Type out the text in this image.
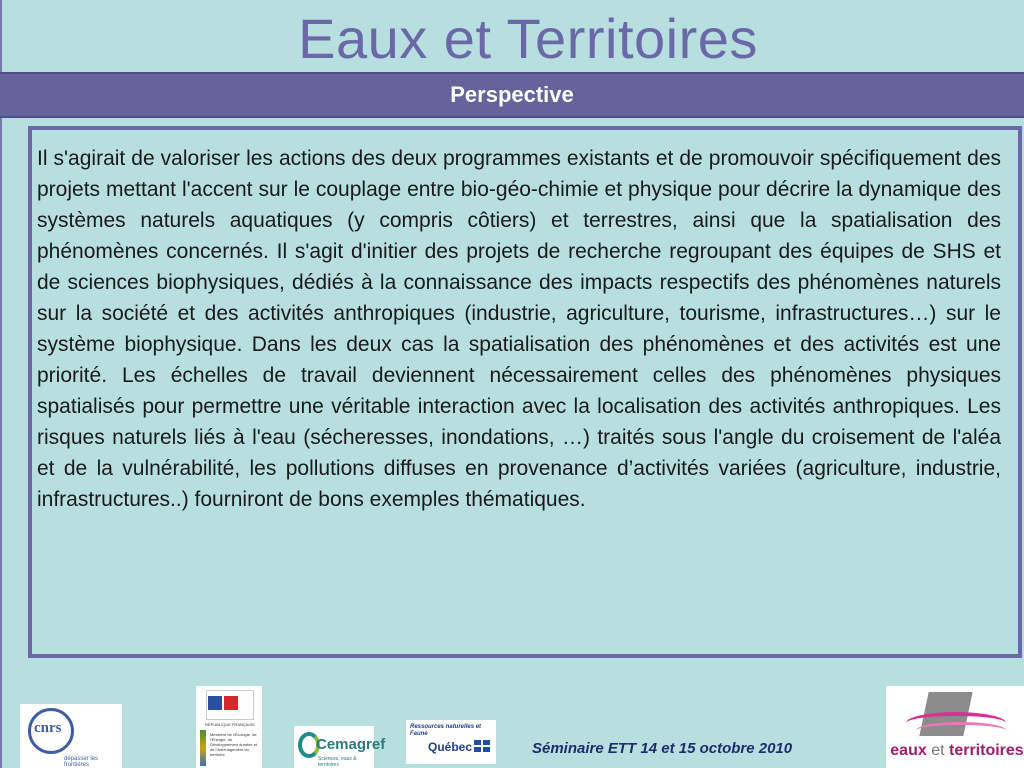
Eaux et Territoires
Perspective
Il s'agirait de valoriser les actions des deux programmes existants et de promouvoir spécifiquement des projets mettant l'accent sur le couplage entre bio-géo-chimie et physique pour décrire la dynamique des systèmes naturels aquatiques (y compris côtiers) et terrestres, ainsi que la spatialisation des phénomènes concernés. Il s'agit d'initier des projets de recherche regroupant des équipes de SHS et de sciences biophysiques, dédiés à la connaissance des impacts respectifs des phénomènes naturels sur la société et des activités anthropiques (industrie, agriculture, tourisme, infrastructures…) sur le système biophysique. Dans les deux cas la spatialisation des phénomènes et des activités est une priorité. Les échelles de travail deviennent nécessairement celles des phénomènes physiques spatialisés pour permettre une véritable interaction avec la localisation des activités anthropiques. Les risques naturels liés à l'eau (sécheresses, inondations, …) traités sous l'angle du croisement de l'aléa et de la vulnérabilité, les pollutions diffuses en provenance d’activités variées (agriculture, industrie, infrastructures..) fourniront de bons exemples thématiques.
cnrs
dépasser les frontières
RÉPUBLIQUE FRANÇAISE
Ministère de l'Écologie, de l'Énergie, du Développement durable et de l'Aménagement du territoire
Cemagref
Sciences, eaux & territoires
Ressources naturelles et Faune
Québec	Séminaire ETT 14 et 15 octobre 2010	eaux et territoires
